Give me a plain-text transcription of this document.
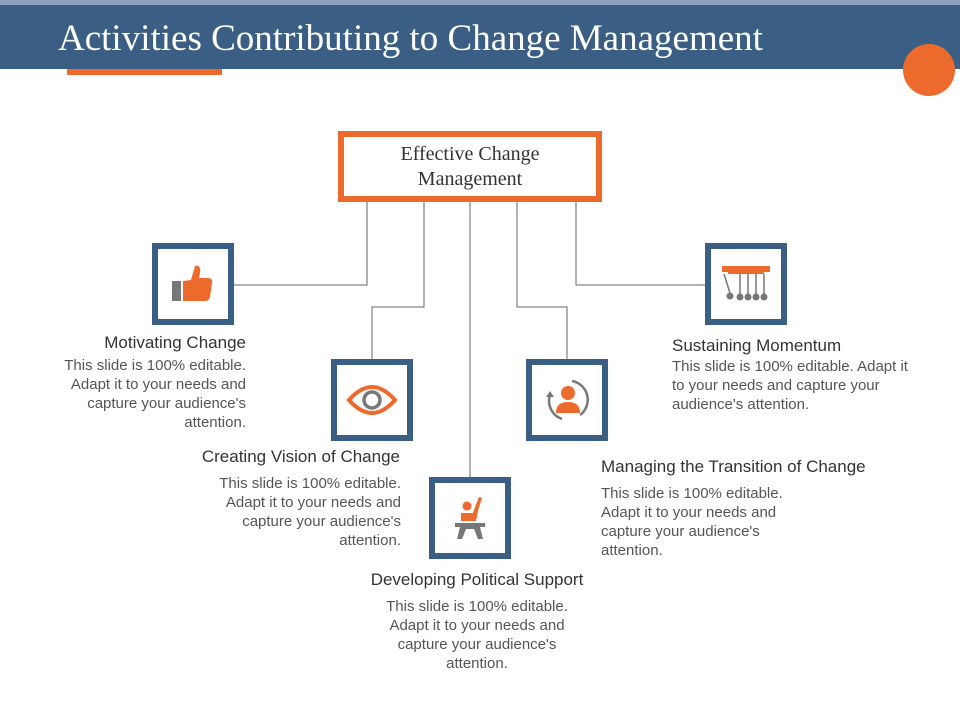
Activities Contributing to Change Management
Effective Change Management
Motivating Change
This slide is 100% editable. Adapt it to your needs and capture your audience's attention.
Creating Vision of Change
This slide is 100% editable. Adapt it to your needs and capture your audience's attention.
Developing Political Support
This slide is 100% editable. Adapt it to your needs and capture your audience's attention.
Managing the Transition of Change
This slide is 100% editable. Adapt it to your needs and capture your audience's attention.
Sustaining Momentum
This slide is 100% editable. Adapt it to your needs and capture your audience's attention.
